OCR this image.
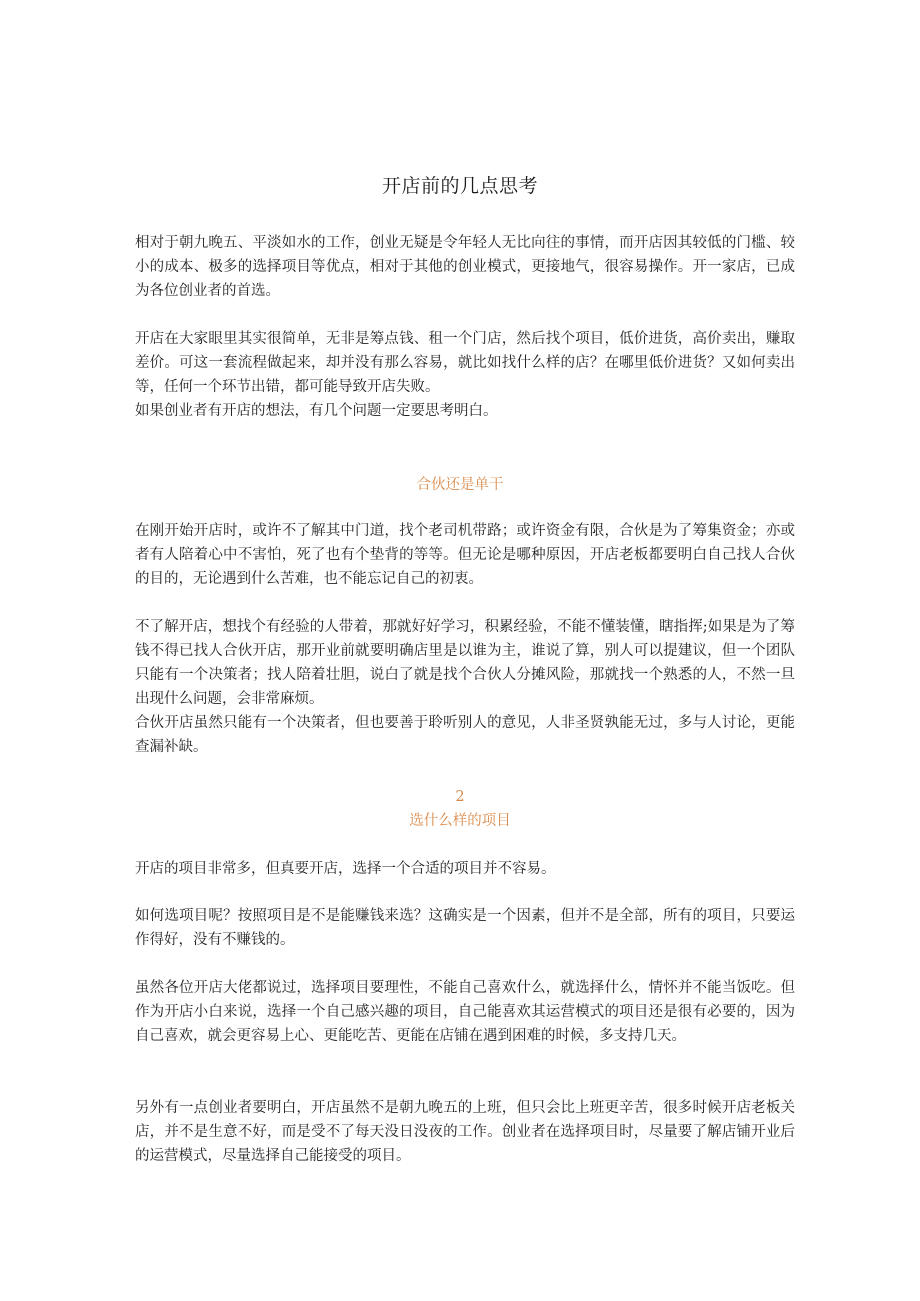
开店前的几点思考

相对于朝九晚五、平淡如水的工作，创业无疑是令年轻人无比向往的事情，而开店因其较低的门槛、较小的成本、极多的选择项目等优点，相对于其他的创业模式，更接地气，很容易操作。开一家店，已成为各位创业者的首选。

开店在大家眼里其实很简单，无非是筹点钱、租一个门店，然后找个项目，低价进货，高价卖出，赚取差价。可这一套流程做起来，却并没有那么容易，就比如找什么样的店？在哪里低价进货？又如何卖出等，任何一个环节出错，都可能导致开店失败。

如果创业者有开店的想法，有几个问题一定要思考明白。

合伙还是单干

在刚开始开店时，或许不了解其中门道，找个老司机带路；或许资金有限，合伙是为了筹集资金；亦或者有人陪着心中不害怕，死了也有个垫背的等等。但无论是哪种原因，开店老板都要明白自己找人合伙的目的，无论遇到什么苦难，也不能忘记自己的初衷。

不了解开店，想找个有经验的人带着，那就好好学习，积累经验，不能不懂装懂，瞎指挥;如果是为了筹钱不得已找人合伙开店，那开业前就要明确店里是以谁为主，谁说了算，别人可以提建议，但一个团队只能有一个决策者；找人陪着壮胆，说白了就是找个合伙人分摊风险，那就找一个熟悉的人，不然一旦出现什么问题，会非常麻烦。

合伙开店虽然只能有一个决策者，但也要善于聆听别人的意见，人非圣贤孰能无过，多与人讨论，更能查漏补缺。

2
选什么样的项目

开店的项目非常多，但真要开店，选择一个合适的项目并不容易。

如何选项目呢？按照项目是不是能赚钱来选？这确实是一个因素，但并不是全部，所有的项目，只要运作得好，没有不赚钱的。

虽然各位开店大佬都说过，选择项目要理性，不能自己喜欢什么，就选择什么，情怀并不能当饭吃。但作为开店小白来说，选择一个自己感兴趣的项目，自己能喜欢其运营模式的项目还是很有必要的，因为自己喜欢，就会更容易上心、更能吃苦、更能在店铺在遇到困难的时候，多支持几天。

另外有一点创业者要明白，开店虽然不是朝九晚五的上班，但只会比上班更辛苦，很多时候开店老板关店，并不是生意不好，而是受不了每天没日没夜的工作。创业者在选择项目时，尽量要了解店铺开业后的运营模式，尽量选择自己能接受的项目。
